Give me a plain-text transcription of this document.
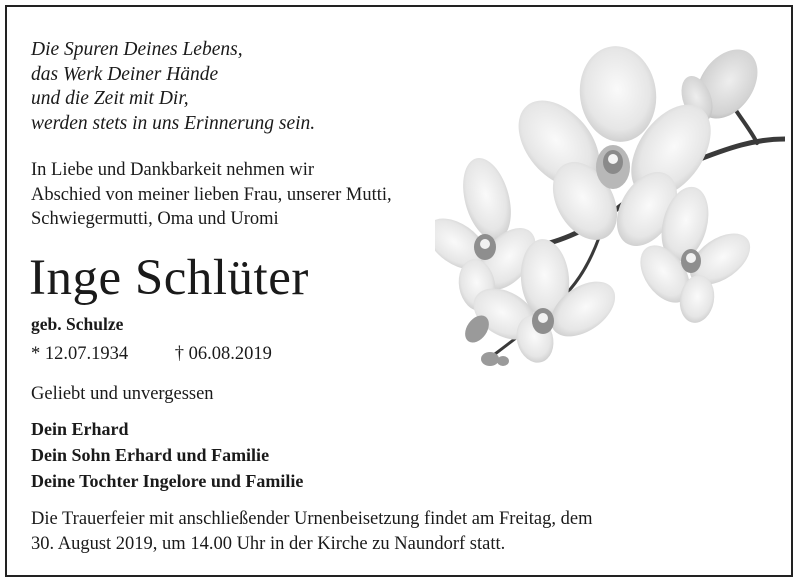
Die Spuren Deines Lebens,
das Werk Deiner Hände
und die Zeit mit Dir,
werden stets in uns Erinnerung sein.
In Liebe und Dankbarkeit nehmen wir
Abschied von meiner lieben Frau, unserer Mutti,
Schwiegermutti, Oma und Uromi
Inge Schlüter
geb. Schulze
* 12.07.1934	† 06.08.2019
Geliebt und unvergessen
Dein Erhard
Dein Sohn Erhard und Familie
Deine Tochter Ingelore und Familie
Die Trauerfeier mit anschließender Urnenbeisetzung findet am Freitag, dem
30. August 2019, um 14.00 Uhr in der Kirche zu Naundorf statt.
